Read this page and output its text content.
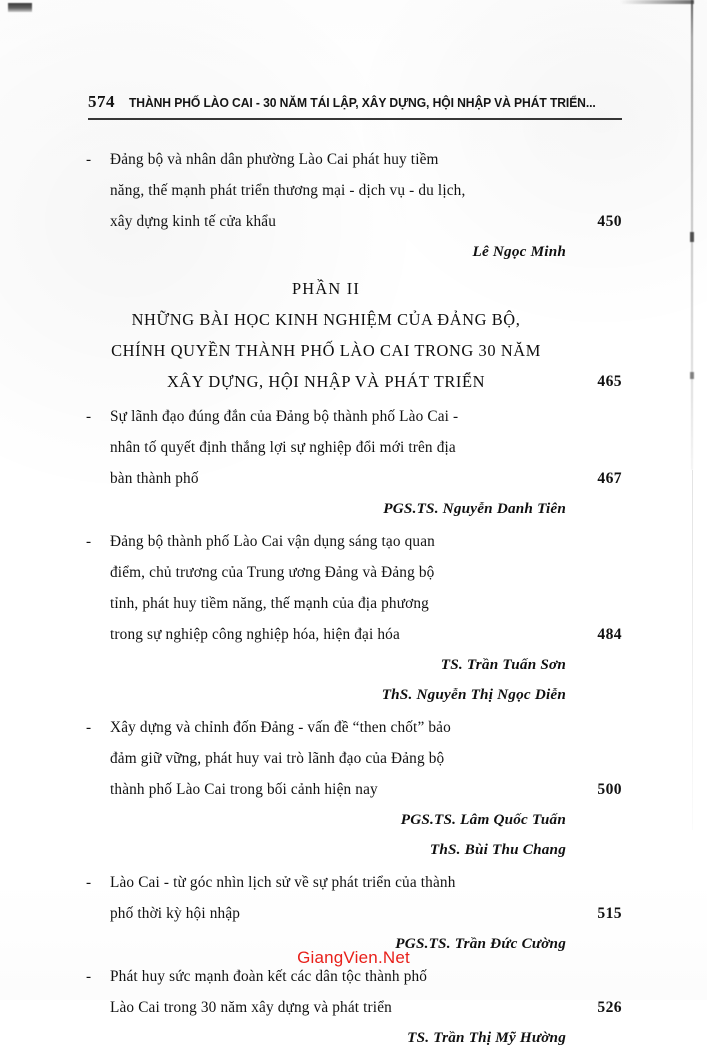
574 THÀNH PHỐ LÀO CAI - 30 NĂM TÁI LẬP, XÂY DỰNG, HỘI NHẬP VÀ PHÁT TRIỂN...
- Đảng bộ và nhân dân phường Lào Cai phát huy tiềm
năng, thế mạnh phát triển thương mại - dịch vụ - du lịch,
xây dựng kinh tế cửa khẩu	450
Lê Ngọc Minh
PHẦN II
NHỮNG BÀI HỌC KINH NGHIỆM CỦA ĐẢNG BỘ,
CHÍNH QUYỀN THÀNH PHỐ LÀO CAI TRONG 30 NĂM
XÂY DỰNG, HỘI NHẬP VÀ PHÁT TRIỂN	465
- Sự lãnh đạo đúng đắn của Đảng bộ thành phố Lào Cai -
nhân tố quyết định thắng lợi sự nghiệp đổi mới trên địa
bàn thành phố	467
PGS.TS. Nguyễn Danh Tiên
- Đảng bộ thành phố Lào Cai vận dụng sáng tạo quan
điểm, chủ trương của Trung ương Đảng và Đảng bộ
tỉnh, phát huy tiềm năng, thế mạnh của địa phương
trong sự nghiệp công nghiệp hóa, hiện đại hóa	484
TS. Trần Tuấn Sơn
ThS. Nguyễn Thị Ngọc Diễn
- Xây dựng và chỉnh đốn Đảng - vấn đề “then chốt” bảo
đảm giữ vững, phát huy vai trò lãnh đạo của Đảng bộ
thành phố Lào Cai trong bối cảnh hiện nay	500
PGS.TS. Lâm Quốc Tuấn
ThS. Bùi Thu Chang
- Lào Cai - từ góc nhìn lịch sử về sự phát triển của thành
phố thời kỳ hội nhập	515
PGS.TS. Trần Đức Cường
- Phát huy sức mạnh đoàn kết các dân tộc thành phố
Lào Cai trong 30 năm xây dựng và phát triển	526
TS. Trần Thị Mỹ Hường
GiangVien.Net
